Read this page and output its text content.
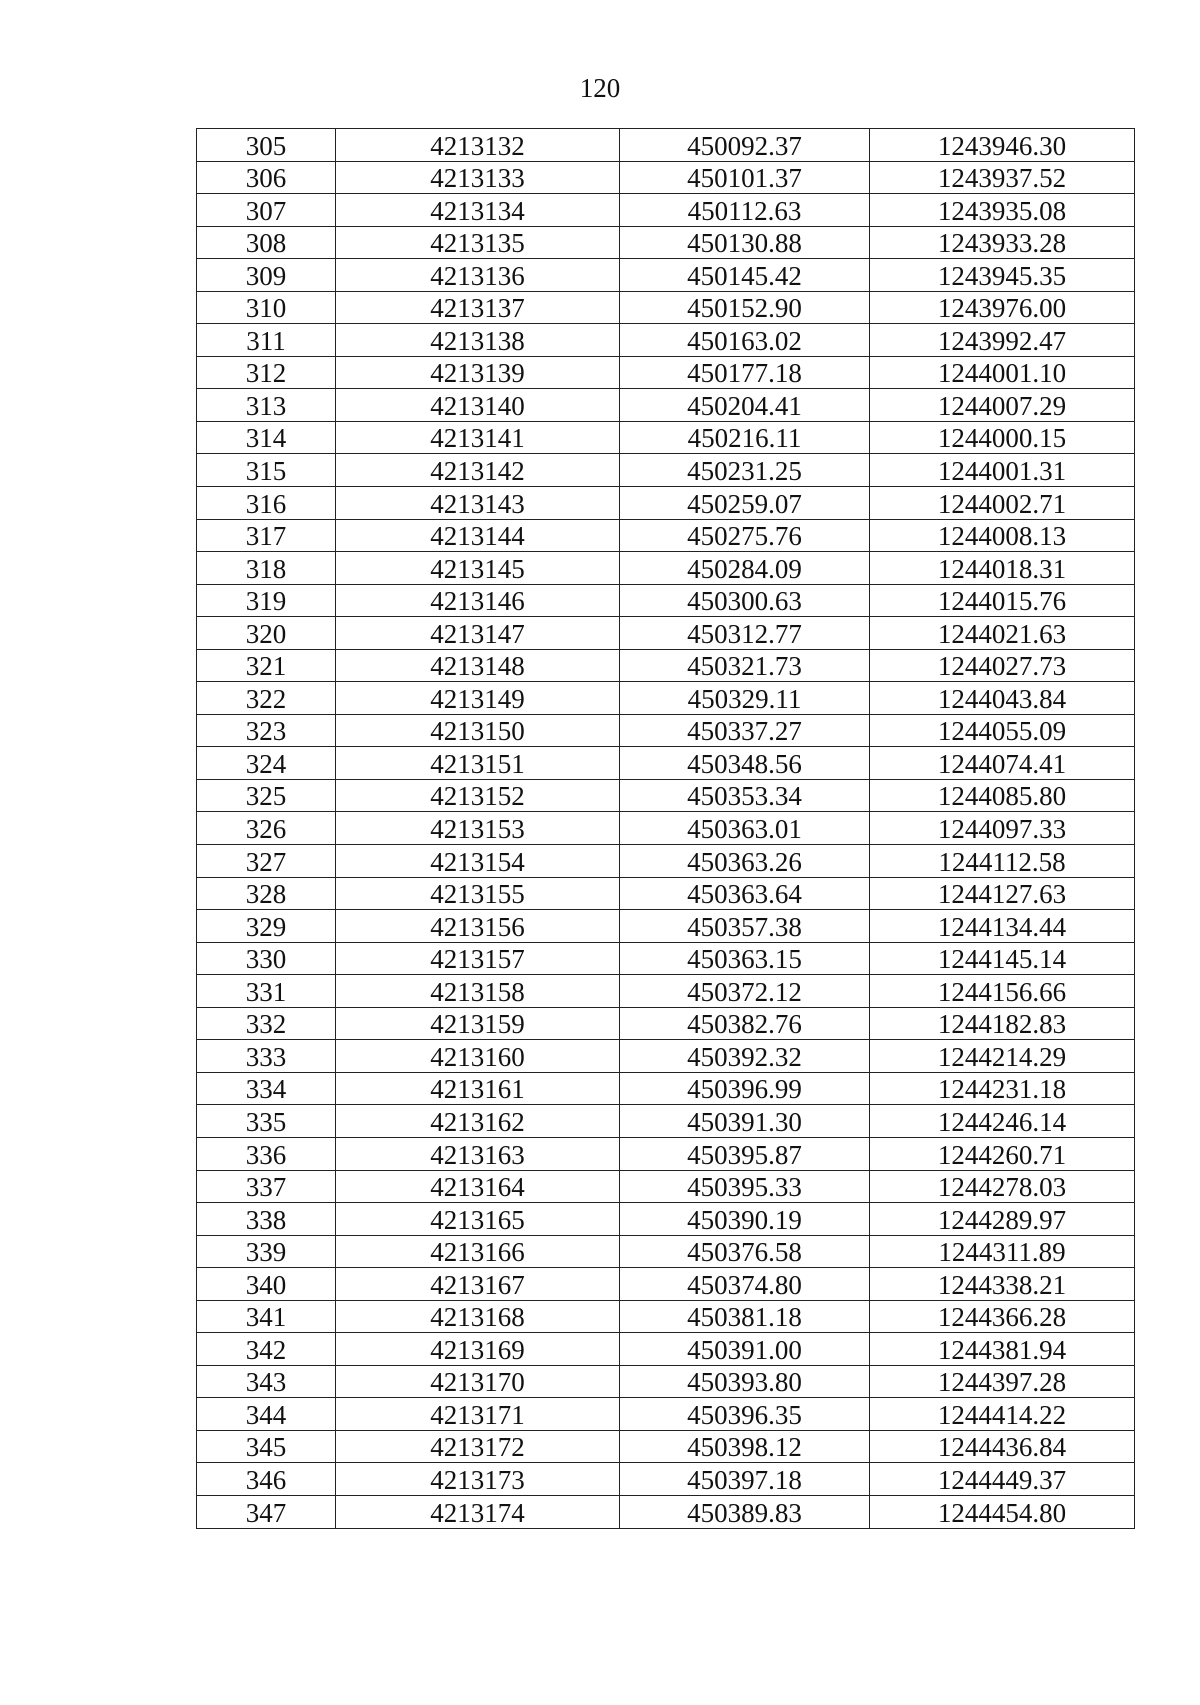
120
305	4213132	450092.37	1243946.30
306	4213133	450101.37	1243937.52
307	4213134	450112.63	1243935.08
308	4213135	450130.88	1243933.28
309	4213136	450145.42	1243945.35
310	4213137	450152.90	1243976.00
311	4213138	450163.02	1243992.47
312	4213139	450177.18	1244001.10
313	4213140	450204.41	1244007.29
314	4213141	450216.11	1244000.15
315	4213142	450231.25	1244001.31
316	4213143	450259.07	1244002.71
317	4213144	450275.76	1244008.13
318	4213145	450284.09	1244018.31
319	4213146	450300.63	1244015.76
320	4213147	450312.77	1244021.63
321	4213148	450321.73	1244027.73
322	4213149	450329.11	1244043.84
323	4213150	450337.27	1244055.09
324	4213151	450348.56	1244074.41
325	4213152	450353.34	1244085.80
326	4213153	450363.01	1244097.33
327	4213154	450363.26	1244112.58
328	4213155	450363.64	1244127.63
329	4213156	450357.38	1244134.44
330	4213157	450363.15	1244145.14
331	4213158	450372.12	1244156.66
332	4213159	450382.76	1244182.83
333	4213160	450392.32	1244214.29
334	4213161	450396.99	1244231.18
335	4213162	450391.30	1244246.14
336	4213163	450395.87	1244260.71
337	4213164	450395.33	1244278.03
338	4213165	450390.19	1244289.97
339	4213166	450376.58	1244311.89
340	4213167	450374.80	1244338.21
341	4213168	450381.18	1244366.28
342	4213169	450391.00	1244381.94
343	4213170	450393.80	1244397.28
344	4213171	450396.35	1244414.22
345	4213172	450398.12	1244436.84
346	4213173	450397.18	1244449.37
347	4213174	450389.83	1244454.80
